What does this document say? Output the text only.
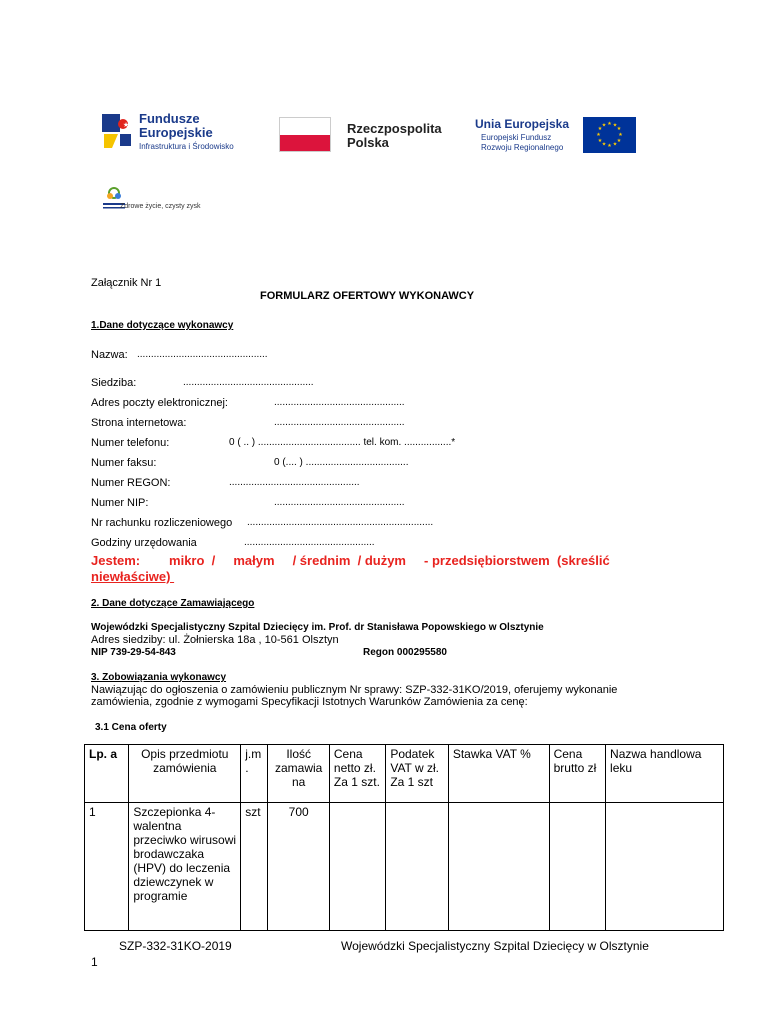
★ Fundusze
Europejskie
Infrastruktura i Środowisko
Rzeczpospolita
Polska
Unia Europejska
Europejski Fundusz
Rozwoju Regionalnego
★ ★
★
★
★
★
★
★
★
★
★
★
Zdrowe życie, czysty zysk
Załącznik Nr 1
FORMULARZ OFERTOWY WYKONAWCY
1.Dane dotyczące wykonawcy
Nazwa: ...............................................
Siedziba:	...............................................
Adres poczty elektronicznej:	...............................................
Strona internetowa:	...............................................
Numer telefonu:	0 ( .. ) ..................................... tel. kom. .................*
Numer faksu:	0 (.... ) .....................................
Numer REGON:	...............................................
Numer NIP:	...............................................
Nr rachunku rozliczeniowego ...................................................................
Godziny urzędowania	...............................................
Jestem:        mikro  /     małym     / średnim  / dużym     - przedsiębiorstwem  (skreślić
niewłaściwe)
2. Dane dotyczące Zamawiającego
Wojewódzki Specjalistyczny Szpital Dziecięcy im. Prof. dr Stanisława Popowskiego w Olsztynie
Adres siedziby: ul. Żołnierska 18a , 10-561 Olsztyn
NIP 739-29-54-843	Regon 000295580
3. Zobowiązania wykonawcy
Nawiązując do ogłoszenia o zamówieniu publicznym Nr sprawy: SZP-332-31KO/2019, oferujemy wykonanie
zamówienia, zgodnie z wymogami Specyfikacji Istotnych Warunków Zamówienia za cenę:
3.1 Cena oferty
Lp. a	Opis przedmiotu zamówienia	j.m .	Ilość zamawia na	Cena netto zł. Za 1 szt.	Podatek VAT w zł. Za 1 szt	Stawka VAT %	Cena brutto zł	Nazwa handlowa leku
1	Szczepionka 4-walentna przeciwko wirusowi brodawczaka (HPV) do leczenia dziewczynek w programie	szt	700					
SZP-332-31KO-2019	Wojewódzki Specjalistyczny Szpital Dziecięcy w Olsztynie
1
